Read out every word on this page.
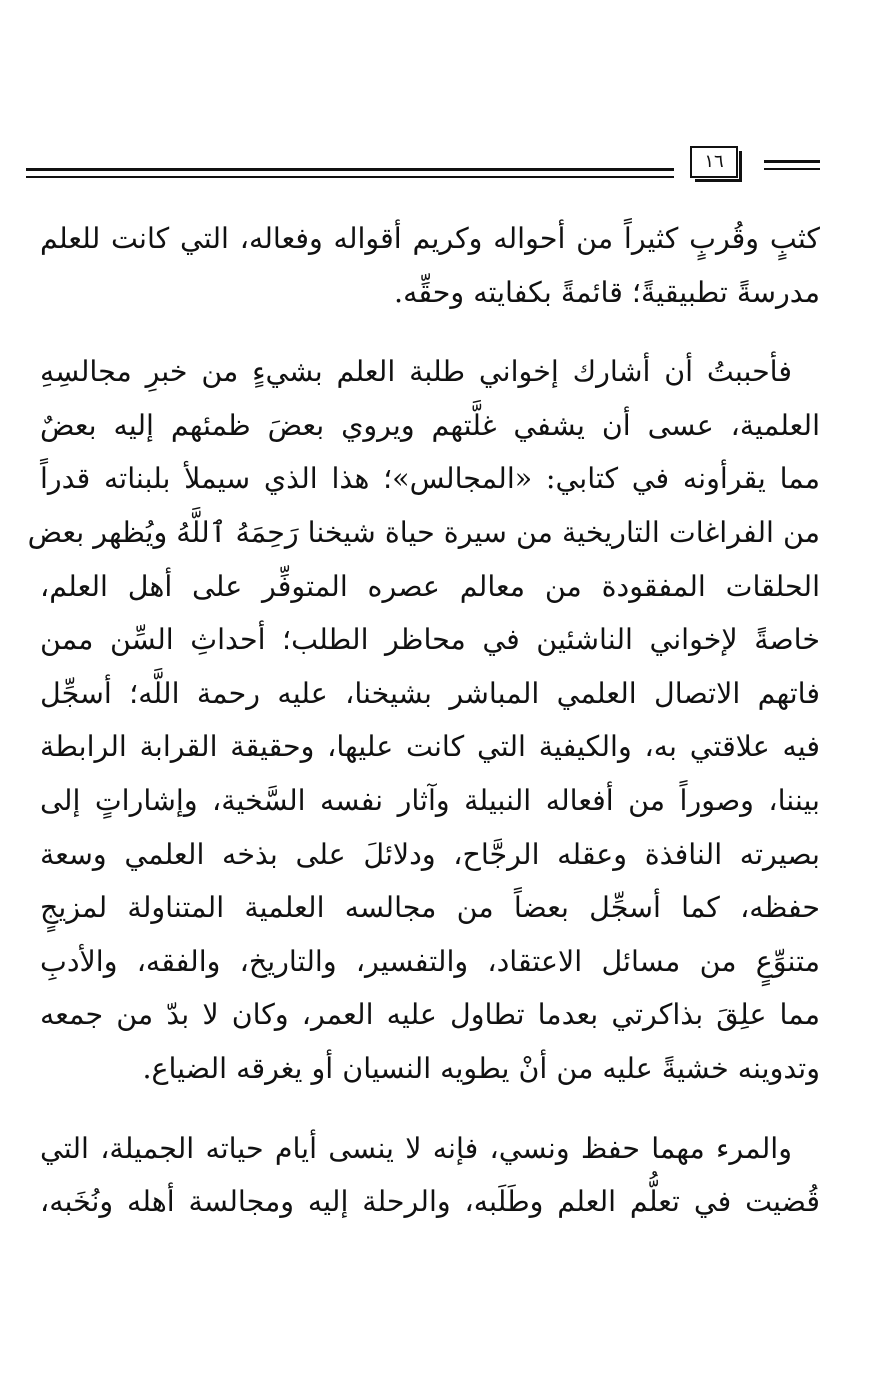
١٦

كثبٍ وقُربٍ كثيراً من أحواله وكريم أقواله وفعاله، التي كانت للعلم
مدرسةً تطبيقيةً؛ قائمةً بكفايته وحقِّه.

فأحببتُ أن أشارك إخواني طلبة العلم بشيءٍ من خبرِ مجالسِهِ
العلمية، عسى أن يشفي غلَّتهم ويروي بعضَ ظمئهم إليه بعضٌ
مما يقرأونه في كتابي: «المجالس»؛ هذا الذي سيملأ بلبناته قدراً
من الفراغات التاريخية من سيرة حياة شيخنا رَحِمَهُ ٱللَّهُ ويُظهر بعض
الحلقات المفقودة من معالم عصره المتوفِّر على أهل العلم،
خاصةً لإخواني الناشئين في محاظر الطلب؛ أحداثِ السِّن ممن
فاتهم الاتصال العلمي المباشر بشيخنا، عليه رحمة اللَّه؛ أسجِّل
فيه علاقتي به، والكيفية التي كانت عليها، وحقيقة القرابة الرابطة
بيننا، وصوراً من أفعاله النبيلة وآثار نفسه السَّخية، وإشاراتٍ إلى
بصيرته النافذة وعقله الرجَّاح، ودلائلَ على بذخه العلمي وسعة
حفظه، كما أسجِّل بعضاً من مجالسه العلمية المتناولة لمزيجٍ
متنوِّعٍ من مسائل الاعتقاد، والتفسير، والتاريخ، والفقه، والأدبِ
مما علِقَ بذاكرتي بعدما تطاول عليه العمر، وكان لا بدّ من جمعه
وتدوينه خشيةً عليه من أنْ يطويه النسيان أو يغرقه الضياع.

والمرء مهما حفظ ونسي، فإنه لا ينسى أيام حياته الجميلة، التي
قُضيت في تعلُّم العلم وطَلَبه، والرحلة إليه ومجالسة أهله ونُخَبه،
